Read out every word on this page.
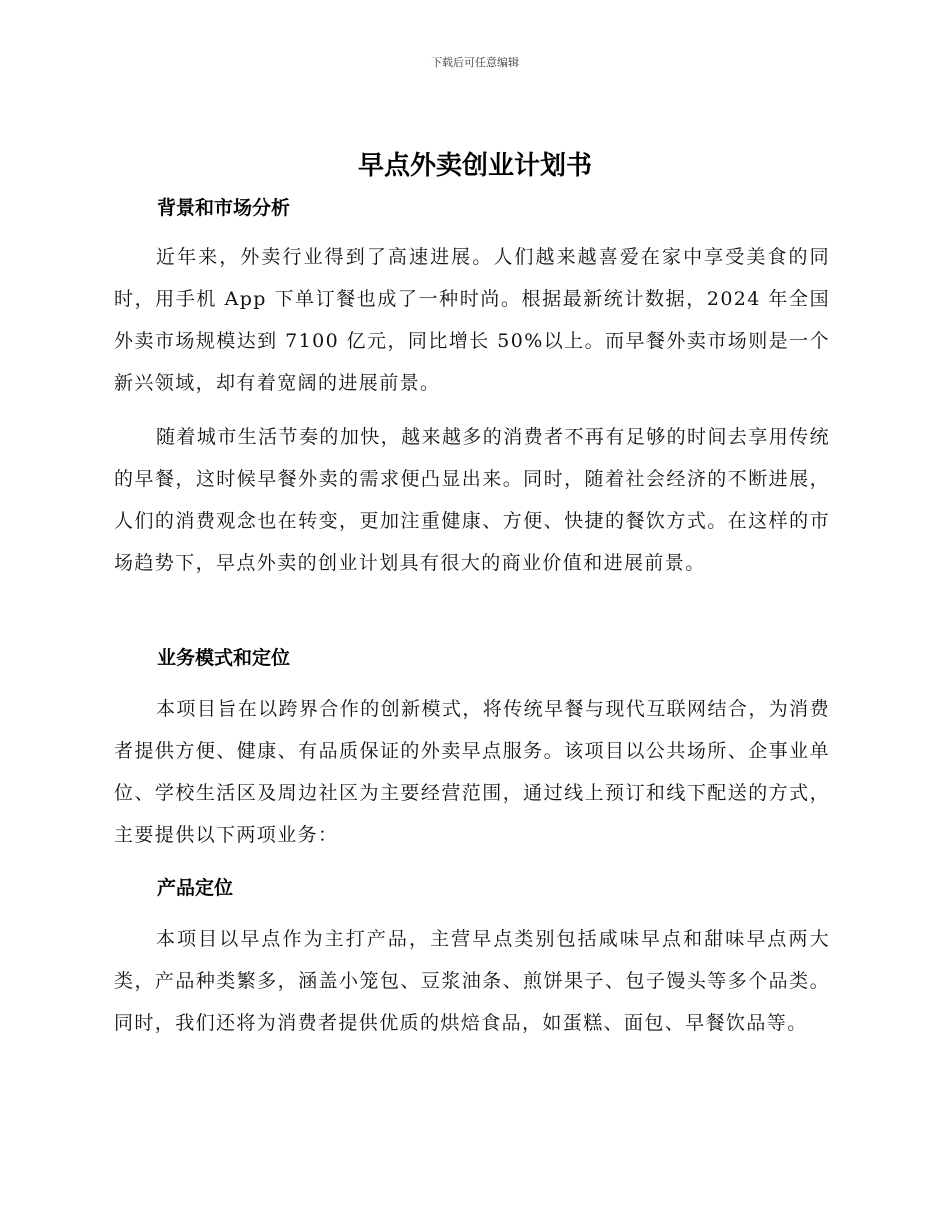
下载后可任意编辑
早点外卖创业计划书
背景和市场分析

近年来，外卖行业得到了高速进展。人们越来越喜爱在家中享受美食的同时，用手机 App 下单订餐也成了一种时尚。根据最新统计数据，2024 年全国外卖市场规模达到 7100 亿元，同比增长 50%以上。而早餐外卖市场则是一个新兴领域，却有着宽阔的进展前景。

随着城市生活节奏的加快，越来越多的消费者不再有足够的时间去享用传统的早餐，这时候早餐外卖的需求便凸显出来。同时，随着社会经济的不断进展，人们的消费观念也在转变，更加注重健康、方便、快捷的餐饮方式。在这样的市场趋势下，早点外卖的创业计划具有很大的商业价值和进展前景。

业务模式和定位

本项目旨在以跨界合作的创新模式，将传统早餐与现代互联网结合，为消费者提供方便、健康、有品质保证的外卖早点服务。该项目以公共场所、企事业单位、学校生活区及周边社区为主要经营范围，通过线上预订和线下配送的方式，主要提供以下两项业务：

产品定位

本项目以早点作为主打产品，主营早点类别包括咸味早点和甜味早点两大类，产品种类繁多，涵盖小笼包、豆浆油条、煎饼果子、包子馒头等多个品类。同时，我们还将为消费者提供优质的烘焙食品，如蛋糕、面包、早餐饮品等。
